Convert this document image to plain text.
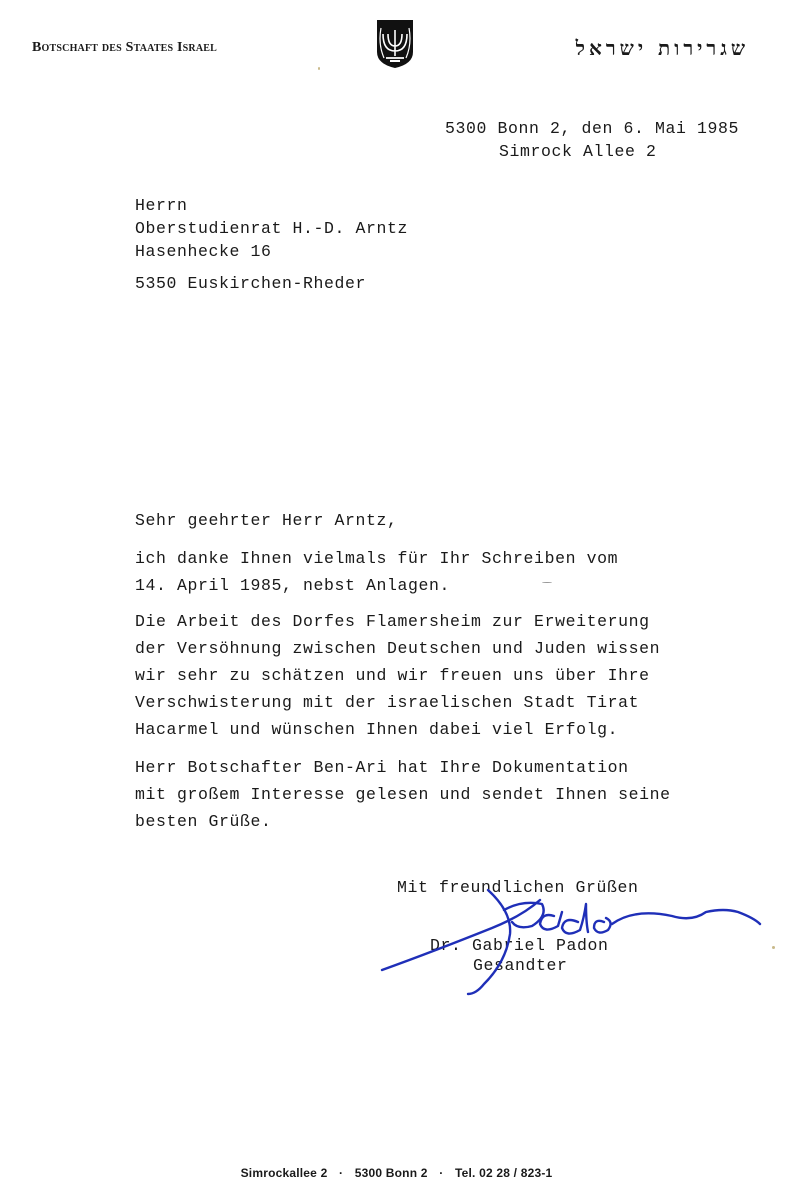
Botschaft des Staates Israel	שגרירות ישראל
5300 Bonn 2, den 6. Mai 1985
Simrock Allee 2
Herrn
Oberstudienrat H.-D. Arntz
Hasenhecke 16
5350 Euskirchen-Rheder
Sehr geehrter Herr Arntz,
ich danke Ihnen vielmals für Ihr Schreiben vom
14. April 1985, nebst Anlagen.
Die Arbeit des Dorfes Flamersheim zur Erweiterung
der Versöhnung zwischen Deutschen und Juden wissen
wir sehr zu schätzen und wir freuen uns über Ihre
Verschwisterung mit der israelischen Stadt Tirat
Hacarmel und wünschen Ihnen dabei viel Erfolg.
Herr Botschafter Ben-Ari hat Ihre Dokumentation
mit großem Interesse gelesen und sendet Ihnen seine
besten Grüße.
Mit freundlichen Grüßen
Dr. Gabriel Padon
Gesandter
Simrockallee 2 · 5300 Bonn 2 · Tel. 02 28 / 823-1
